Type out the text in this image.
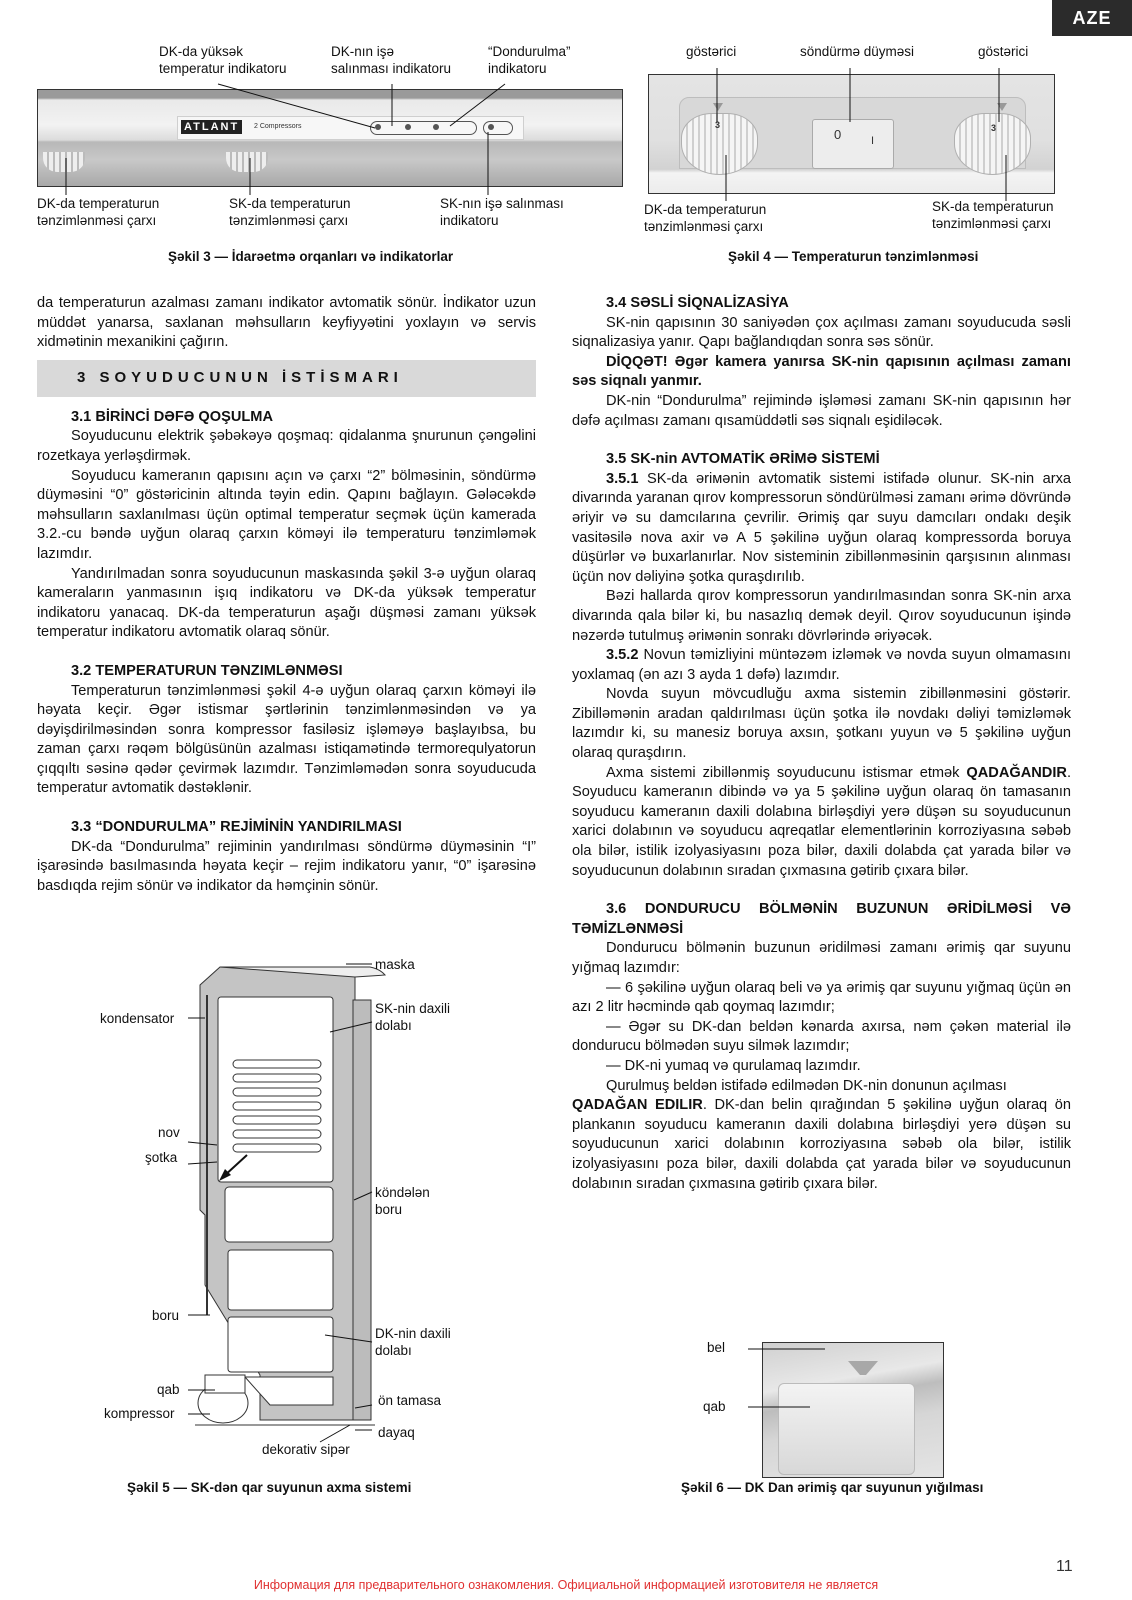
AZE
DK-da yüksək
temperatur indikatoru
DK-nın işə
salınması indikatoru
“Dondurulma”
indikatoru
ATLANT	2 Compressors
DK-da temperaturun
tənzimlənməsi çarxı
SK-da temperaturun
tənzimlənməsi çarxı
SK-nın işə salınması
indikatoru
Şəkil 3 — İdarəetmə orqanları və indikatorlar
göstərici	söndürmə düyməsi	göstərici
3
0	I
3
DK-da temperaturun
tənzimlənməsi çarxı
SK-da temperaturun
tənzimlənməsi çarxı
Şəkil 4 — Temperaturun tənzimlənməsi

da temperaturun azalması zamanı indikator avtomatik sönür. İndikator uzun müddət yanarsa, saxlanan məhsulların keyfiyyətini yoxlayın və servis xidmətinin mexanikini çağırın.

3 SOYUDUCUNUN İSTİSMARI
3.1 BİRİNCİ DƏFƏ QOŞULMA

Soyuducunu elektrik şəbəkəyə qoşmaq: qidalanma şnurunun çəngəlini rozetkaya yerləşdirmək.

Soyuducu kameranın qapısını açın və çarxı “2” bölməsinin, söndürmə düyməsini “0” göstəricinin altında təyin edin. Qapını bağlayın. Gələcəkdə məhsulların saxlanılması üçün optimal temperatur seçmək üçün kamerada 3.2.-cu bəndə uyğun olaraq çarxın köməyi ilə temperaturu tənzimləmək lazımdır.

Yandırılmadan sonra soyuducunun maskasında şəkil 3-ə uyğun olaraq kameraların yanmasının işıq indikatoru və DK-da yüksək temperatur indikatoru yanacaq. DK-da temperaturun aşağı düşməsi zamanı yüksək temperatur indikatoru avtomatik olaraq sönür.

3.2 TEMPERATURUN TƏNZIMLƏNMƏSI

Temperaturun tənzimlənməsi şəkil 4-ə uyğun olaraq çarxın köməyi ilə həyata keçir. Əgər istismar şərtlərinin tənzimlənməsindən və ya dəyişdirilməsindən sonra kompressor fasiləsiz işləməyə başlayıbsa, bu zaman çarxı rəqəm bölgüsünün azalması istiqamətində termorequlyatorun çıqqıltı səsinə qədər çevirmək lazımdır. Tənzimləmədən sonra soyuducuda temperatur avtomatik dəstəklənir.

3.3 “DONDURULMA” REJİMİNİN YANDIRILMASI

DK-da “Dondurulma” rejiminin yandırılması söndürmə düyməsinin “I” işarəsində basılmasında həyata keçir – rejim indikatoru yanır, “0” işarəsinə basdıqda rejim sönür və indikator da həmçinin sönür.

3.4 SƏSLİ SİQNALİZASİYA

SK-nin qapısının 30 saniyədən çox açılması zamanı soyuducuda səsli siqnalizasiya yanır. Qapı bağlandıqdan sonra səs sönür.

DİQQƏT! Əgər kamera yanırsa SK-nin qapısının açılması zamanı səs siqnalı yanmır.

DK-nin “Dondurulma” rejimində işləməsi zamanı SK-nin qapısının hər dəfə açılması zamanı qısamüddətli səs siqnalı eşidiləcək.

3.5 SK-nin AVTOMATİK ƏRİMƏ SİSTEMİ

3.5.1 SK-da əriмənin avtomatik sistemi istifadə olunur. SK-nin arxa divarında yaranan qırov kompressorun söndürülməsi zamanı ərimə dövründə əriyir və su damcılarına çevrilir. Ərimiş qar suyu damcıları ondakı deşik vasitəsilə nova axir və A 5 şəkilinə uyğun olaraq kompressorda boruya düşürlər və buxarlanırlar. Nov sisteminin zibillənməsinin qarşısının alınması üçün nov dəliyinə şotka quraşdırılıb.

Bəzi hallarda qırov kompressorun yandırılmasından sonra SK-nin arxa divarında qala bilər ki, bu nasazlıq demək deyil. Qırov soyuducunun işində nəzərdə tutulmuş əriмənin sonrakı dövrlərində əriyəcək.

3.5.2 Novun təmizliyini müntəzəm izləmək və novda suyun olmamasını yoxlamaq (ən azı 3 ayda 1 dəfə) lazımdır.

Novda suyun mövcudluğu axma sistemin zibillənməsini göstərir. Zibilləmənin aradan qaldırılması üçün şotka ilə novdakı dəliyi təmizləmək lazımdır ki, su manesiz boruya axsın, şotkanı yuyun və 5 şəkilinə uyğun olaraq quraşdırın.

Axma sistemi zibillənmiş soyuducunu istismar etmək QADAĞANDIR. Soyuducu kameranın dibində və ya 5 şəkilinə uyğun olaraq ön tamasanın soyuducu kameranın daxili dolabına birləşdiyi yerə düşən su soyuducunun xarici dolabının və soyuducu aqreqatlar elementlərinin korroziyasına səbəb ola bilər, istilik izolyasiyasını poza bilər, daxili dolabda çat yarada bilər və soyuducunun dolabının sıradan çıxmasına gətirib çıxara bilər.

3.6 DONDURUCU BÖLMƏNİN BUZUNUN ƏRİDİLMƏSİ VƏ TƏMİZLƏNMƏSİ

Dondurucu bölmənin buzunun əridilməsi zamanı ərimiş qar suyunu yığmaq lazımdır:

— 6 şəkilinə uyğun olaraq beli və ya ərimiş qar suyunu yığmaq üçün ən azı 2 litr həcmində qab qoymaq lazımdır;

— Əgər su DK-dan beldən kənarda axırsa, nəm çəkən material ilə dondurucu bölmədən suyu silmək lazımdır;

— DK-ni yumaq və qurulamaq lazımdır.

Qurulmuş beldən istifadə edilmədən DK-nin donunun açılması

QADAĞAN EDILIR. DK-dan belin qırağından 5 şəkilinə uyğun olaraq ön plankanın soyuducu kameranın daxili dolabına birləşdiyi yerə düşən su soyuducunun xarici dolabının korroziyasına səbəb ola bilər, istilik izolyasiyasını poza bilər, daxili dolabda çat yarada bilər və soyuducunun dolabının sıradan çıxmasına gətirib çıxara bilər.

maska
kondensator
SK-nin daxili
dolabı
nov
şotka
köndələn
boru
boru
DK-nin daxili
dolabı
qab
kompressor
ön tamasa
dayaq
dekorativ sipər
Şəkil 5 — SK-dən qar suyunun axma sistemi
bel
qab
Şəkil 6 — DK Dan ərimiş qar suyunun yığılması
11
Информация для предварительного ознакомления. Официальной информацией изготовителя не является
